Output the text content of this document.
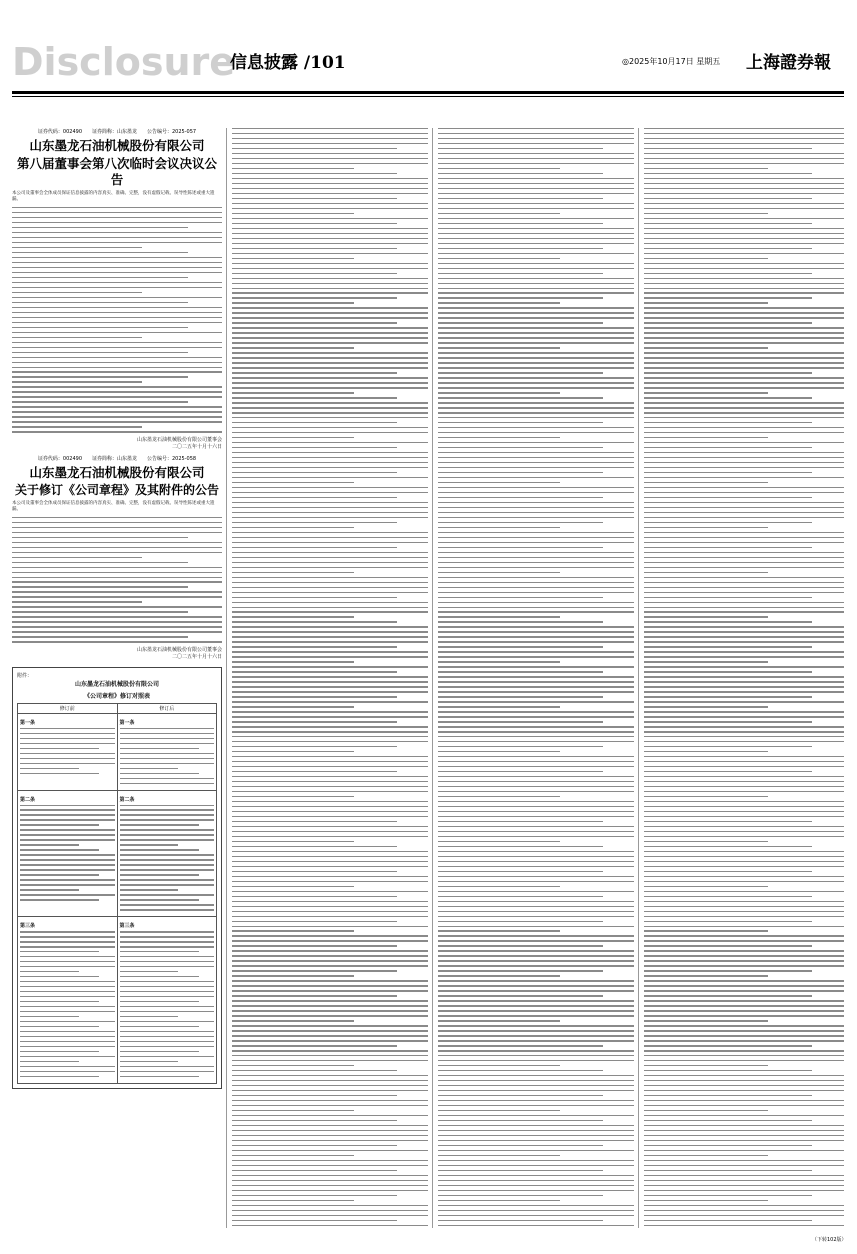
Disclosure
信息披露 /101	◎2025年10月17日 星期五 上海證券報
证券代码：002490　　证券简称：山东墨龙　　公告编号：2025-057
山东墨龙石油机械股份有限公司
第八届董事会第八次临时会议决议公告
本公司及董事会全体成员保证信息披露的内容真实、准确、完整，没有虚假记载、误导性陈述或重大遗漏。
山东墨龙石油机械股份有限公司董事会
二〇二五年十月十六日
证券代码：002490　　证券简称：山东墨龙　　公告编号：2025-058
山东墨龙石油机械股份有限公司
关于修订《公司章程》及其附件的公告
本公司及董事会全体成员保证信息披露的内容真实、准确、完整，没有虚假记载、误导性陈述或重大遗漏。
山东墨龙石油机械股份有限公司董事会
二〇二五年十月十六日
附件：
山东墨龙石油机械股份有限公司
《公司章程》修订对照表
修订前	修订后

第一条	第一条

第二条	第二条

第三条	第三条
（下转102版）
